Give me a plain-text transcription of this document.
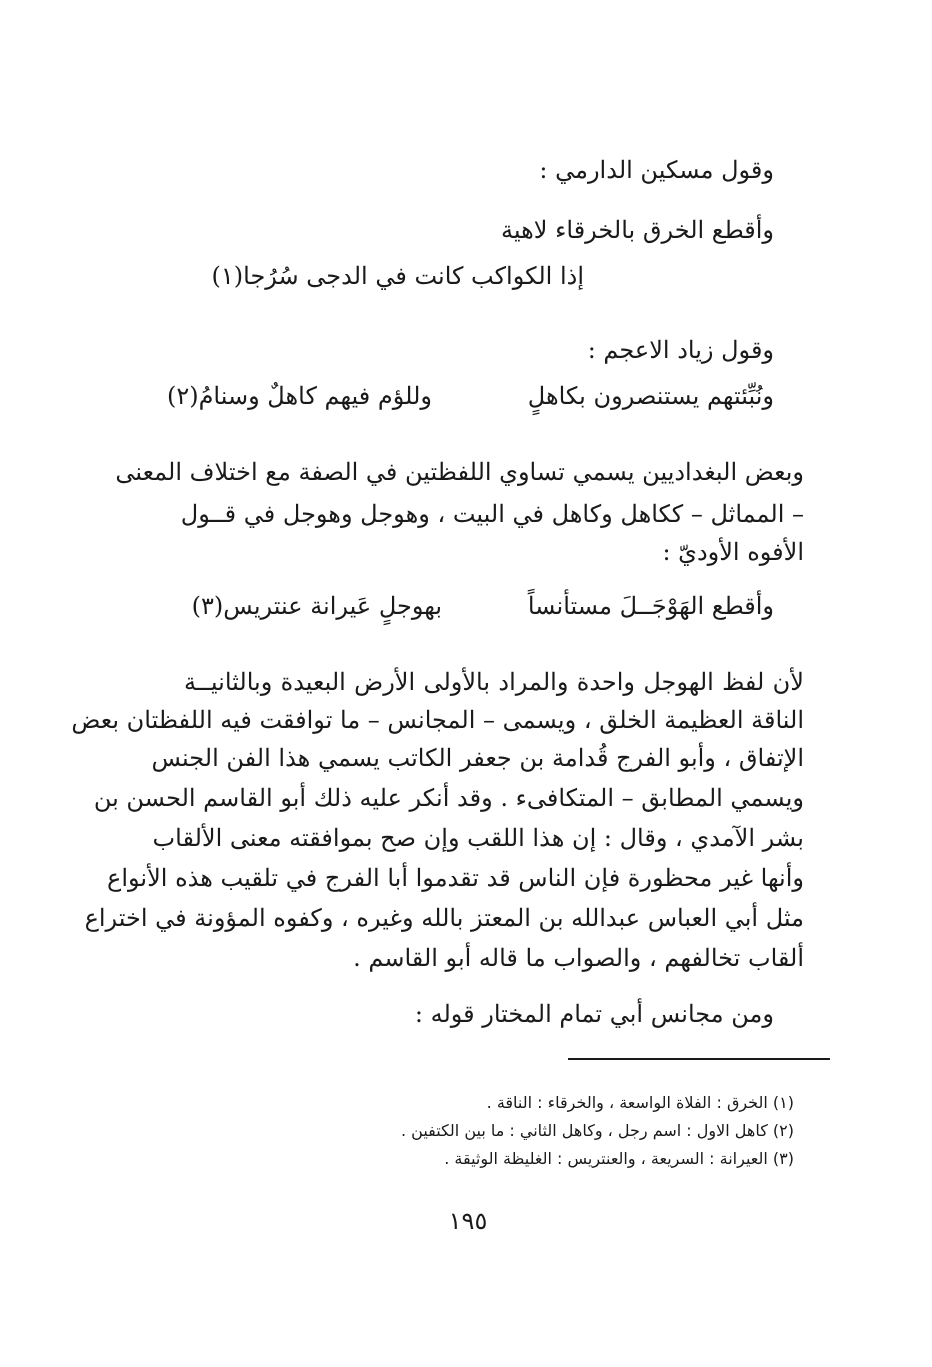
وقول مسكين الدارمي :
وأقطع الخرق بالخرقاء لاهية
إذا الكواكب كانت في الدجى سُرُجا(١)
وقول زياد الاعجم :
ونُبِّئتهم يستنصرون بكاهلٍ
وللؤم فيهم كاهلٌ وسنامُ(٢)
وبعض البغداديين يسمي تساوي اللفظتين في الصفة مع اختلاف المعنى
– المماثل – ككاهل وكاهل في البيت ، وهوجل وهوجل في قــول
الأفوه الأوديّ :
وأقطع الهَوْجَــلَ مستأنساً
بهوجلٍ عَيرانة عنتريس(٣)
لأن لفظ الهوجل واحدة والمراد بالأولى الأرض البعيدة وبالثانيــة
الناقة العظيمة الخلق ، ويسمى – المجانس – ما توافقت فيه اللفظتان بعض
الإتفاق ، وأبو الفرج قُدامة بن جعفر الكاتب يسمي هذا الفن الجنس
ويسمي المطابق – المتكافىء . وقد أنكر عليه ذلك أبو القاسم الحسن بن
بشر الآمدي ، وقال : إن هذا اللقب وإن صح بموافقته معنى الألقاب
وأنها غير محظورة فإن الناس قد تقدموا أبا الفرج في تلقيب هذه الأنواع
مثل أبي العباس عبدالله بن المعتز بالله وغيره ، وكفوه المؤونة في اختراع
ألقاب تخالفهم ، والصواب ما قاله أبو القاسم .
ومن مجانس أبي تمام المختار قوله :
(١) الخرق : الفلاة الواسعة ، والخرقاء : الناقة .
(٢) كاهل الاول : اسم رجل ، وكاهل الثاني : ما بين الكتفين .
(٣) العيرانة : السريعة ، والعنتريس : الغليظة الوثيقة .
١٩٥
